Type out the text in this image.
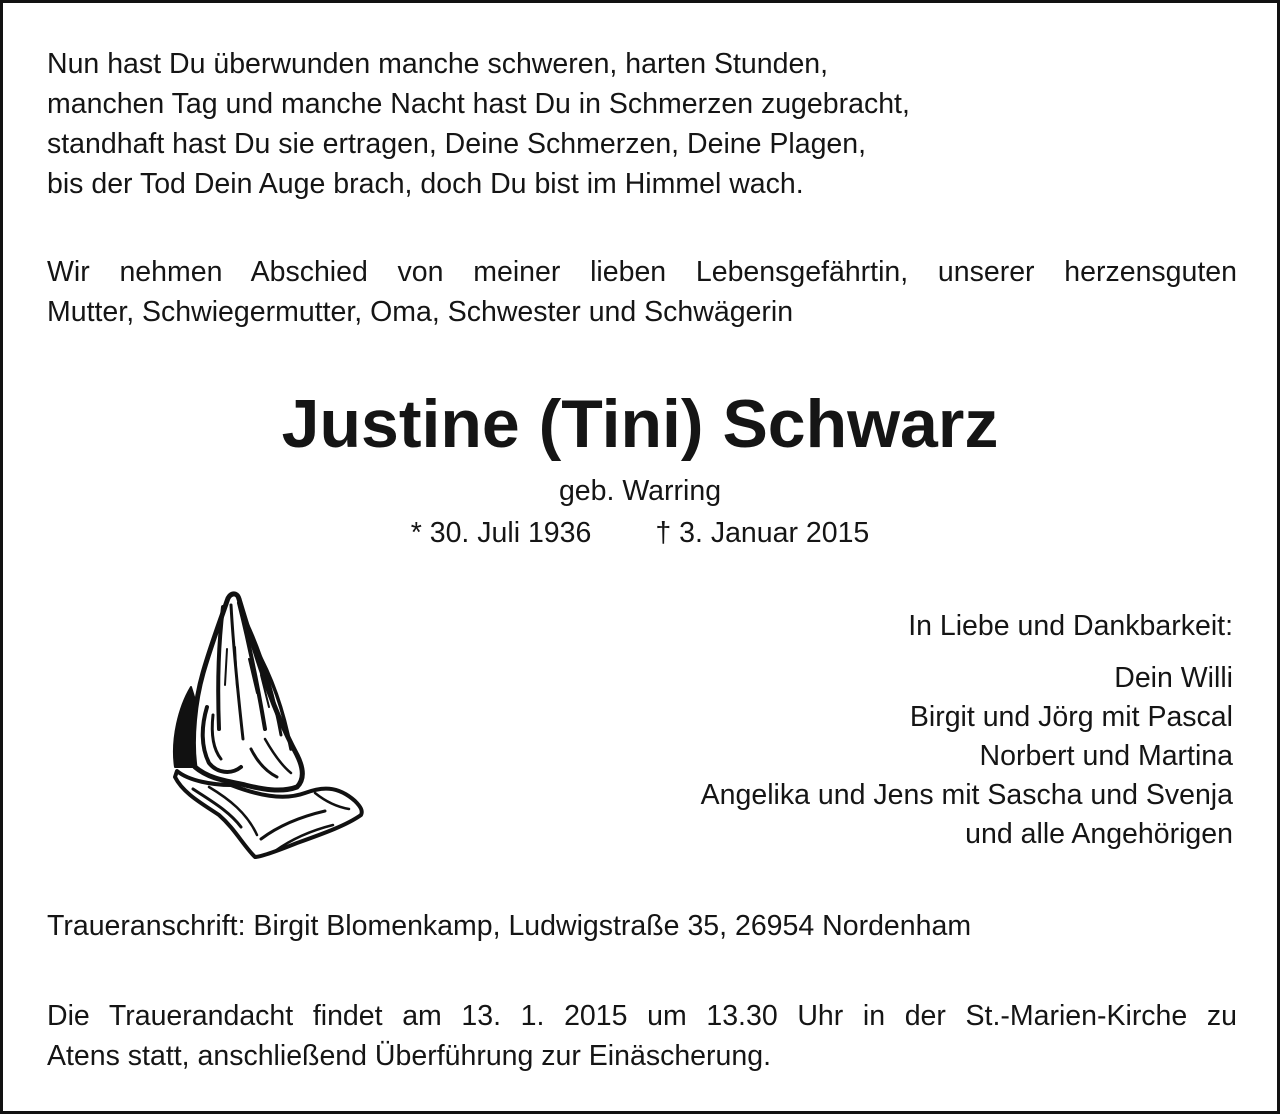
Nun hast Du überwunden manche schweren, harten Stunden,
manchen Tag und manche Nacht hast Du in Schmerzen zugebracht,
standhaft hast Du sie ertragen, Deine Schmerzen, Deine Plagen,
bis der Tod Dein Auge brach, doch Du bist im Himmel wach.
Wir nehmen Abschied von meiner lieben Lebensgefährtin, unserer herzensguten
Mutter, Schwiegermutter, Oma, Schwester und Schwägerin
Justine (Tini) Schwarz
geb. Warring
* 30. Juli 1936 † 3. Januar 2015
In Liebe und Dankbarkeit:
Dein Willi
Birgit und Jörg mit Pascal
Norbert und Martina
Angelika und Jens mit Sascha und Svenja
und alle Angehörigen
Traueranschrift: Birgit Blomenkamp, Ludwigstraße 35, 26954 Nordenham
Die Trauerandacht findet am 13. 1. 2015 um 13.30 Uhr in der St.-Marien-Kirche zu
Atens statt, anschließend Überführung zur Einäscherung.
